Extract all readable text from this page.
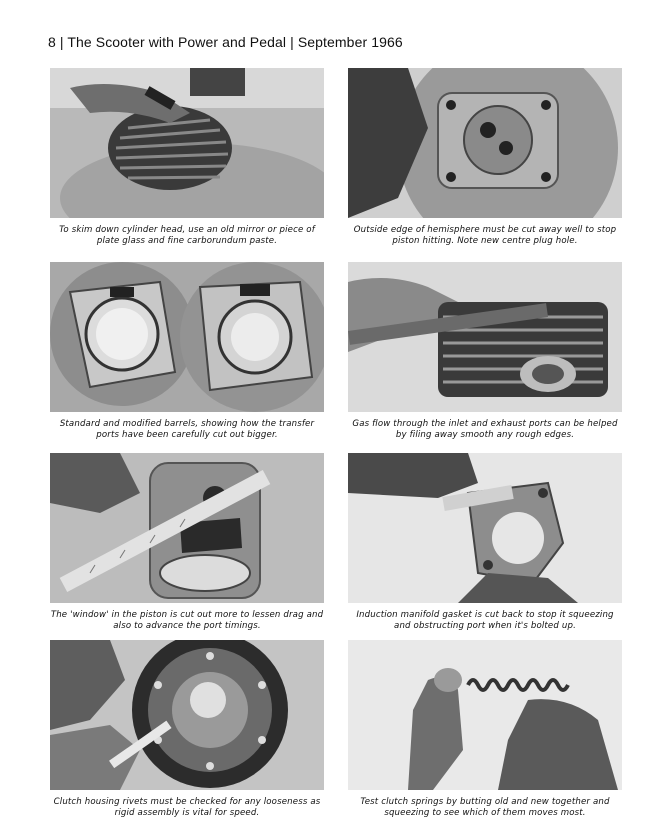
8 | The Scooter with Power and Pedal | September 1966
To skim down cylinder head, use an old mirror or piece of plate glass and fine carborundum paste.
Outside edge of hemisphere must be cut away well to stop piston hitting. Note new centre plug hole.
Standard and modified barrels, showing how the transfer ports have been carefully cut out bigger.
Gas flow through the inlet and exhaust ports can be helped by filing away smooth any rough edges.
The 'window' in the piston is cut out more to lessen drag and also to advance the port timings.
Induction manifold gasket is cut back to stop it squeezing and obstructing port when it's bolted up.
Clutch housing rivets must be checked for any looseness as rigid assembly is vital for speed.
Test clutch springs by butting old and new together and squeezing to see which of them moves most.
